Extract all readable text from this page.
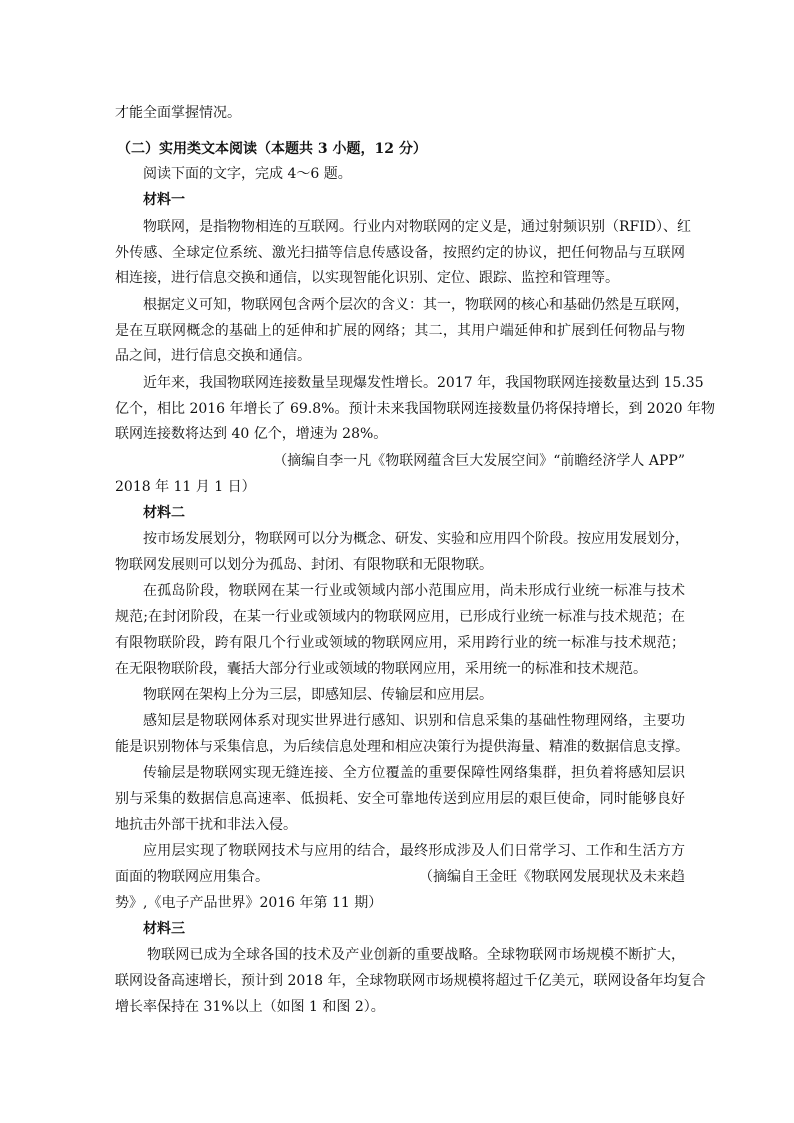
才能全面掌握情况。
（二）实用类文本阅读（本题共 3 小题，12 分）
阅读下面的文字，完成 4～6 题。
材料一
物联网，是指物物相连的互联网。行业内对物联网的定义是，通过射频识别（RFID）、红
外传感、全球定位系统、激光扫描等信息传感设备，按照约定的协议，把任何物品与互联网
相连接，进行信息交换和通信，以实现智能化识别、定位、跟踪、监控和管理等。
根据定义可知，物联网包含两个层次的含义：其一，物联网的核心和基础仍然是互联网，
是在互联网概念的基础上的延伸和扩展的网络；其二，其用户端延伸和扩展到任何物品与物
品之间，进行信息交换和通信。
近年来，我国物联网连接数量呈现爆发性增长。2017 年，我国物联网连接数量达到 15.35
亿个，相比 2016 年增长了 69.8%。预计未来我国物联网连接数量仍将保持增长，到 2020 年物
联网连接数将达到 40 亿个，增速为 28%。
（摘编自李一凡《物联网蕴含巨大发展空间》“前瞻经济学人 APP”
2018 年 11 月 1 日）
材料二
按市场发展划分，物联网可以分为概念、研发、实验和应用四个阶段。按应用发展划分，
物联网发展则可以划分为孤岛、封闭、有限物联和无限物联。
在孤岛阶段，物联网在某一行业或领域内部小范围应用，尚未形成行业统一标准与技术
规范;在封闭阶段，在某一行业或领域内的物联网应用，已形成行业统一标准与技术规范；在
有限物联阶段，跨有限几个行业或领域的物联网应用，采用跨行业的统一标准与技术规范；
在无限物联阶段，囊括大部分行业或领域的物联网应用，采用统一的标准和技术规范。
物联网在架构上分为三层，即感知层、传输层和应用层。
感知层是物联网体系对现实世界进行感知、识别和信息采集的基础性物理网络，主要功
能是识别物体与采集信息，为后续信息处理和相应决策行为提供海量、精准的数据信息支撑。
传输层是物联网实现无缝连接、全方位覆盖的重要保障性网络集群，担负着将感知层识
别与采集的数据信息高速率、低损耗、安全可靠地传送到应用层的艰巨使命，同时能够良好
地抗击外部干扰和非法入侵。
应用层实现了物联网技术与应用的结合，最终形成涉及人们日常学习、工作和生活方方
面面的物联网应用集合。	（摘编自王金旺《物联网发展现状及未来趋
势》,《电子产品世界》2016 年第 11 期）
材料三
物联网已成为全球各国的技术及产业创新的重要战略。全球物联网市场规模不断扩大，
联网设备高速增长，预计到 2018 年，全球物联网市场规模将超过千亿美元，联网设备年均复合
增长率保持在 31%以上（如图 1 和图 2）。
